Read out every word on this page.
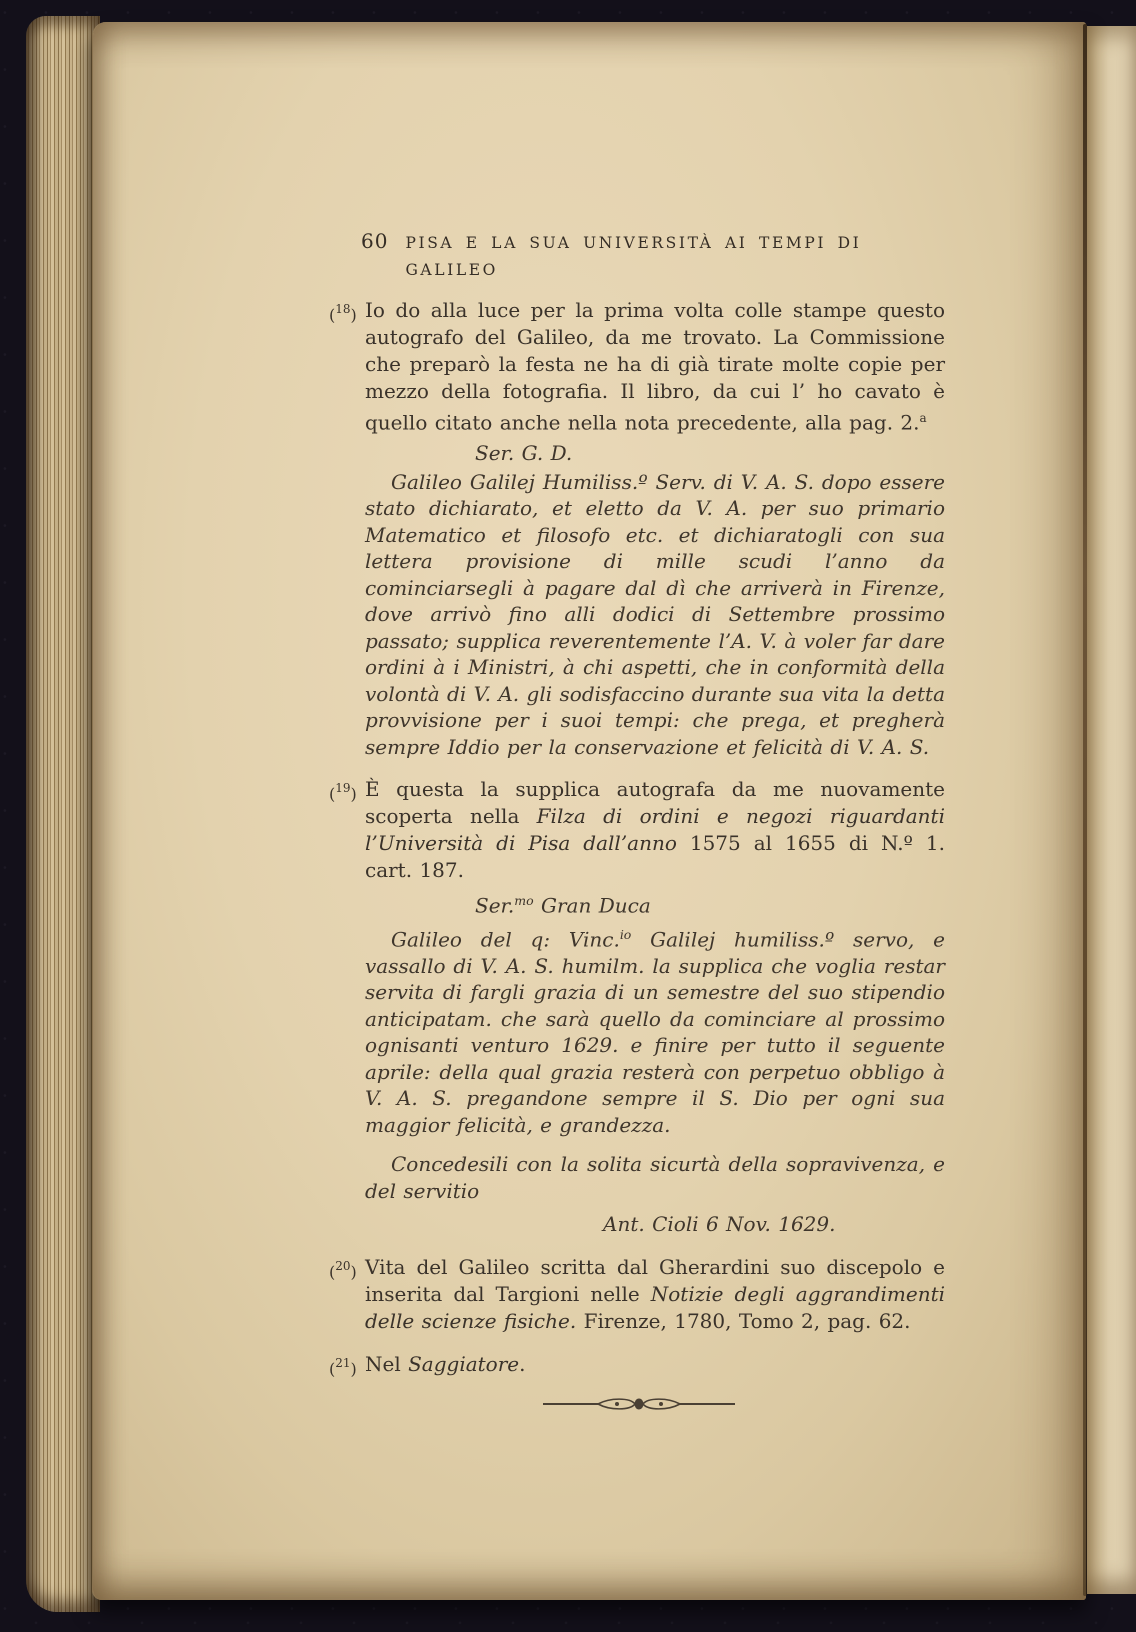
60 PISA E LA SUA UNIVERSITÀ AI TEMPI DI GALILEO

($^{18}$) Io do alla luce per la prima volta colle stampe questo autografo del Galileo, da me trovato. La Commissione che preparò la festa ne ha di già tirate molte copie per mezzo della fotografia. Il libro, da cui l’ ho cavato è quello citato anche nella nota precedente, alla pag. 2.$^a$

Ser. G. D.

Galileo Galilej Humiliss.º Serv. di V. A. S. dopo essere stato dichiarato, et eletto da V. A. per suo primario Matematico et filosofo etc. et dichiaratogli con sua lettera provisione di mille scudi l’anno da cominciarsegli à pagare dal dì che arriverà in Firenze, dove arrivò fino alli dodici di Settembre prossimo passato; supplica reverentemente l’A. V. à voler far dare ordini à i Ministri, à chi aspetti, che in conformità della volontà di V. A. gli sodisfaccino durante sua vita la detta provvisione per i suoi tempi: che prega, et pregherà sempre Iddio per la conservazione et felicità di V. A. S.

($^{19}$) È questa la supplica autografa da me nuovamente scoperta nella Filza di ordini e negozi riguardanti l’Università di Pisa dall’anno 1575 al 1655 di N.º 1. cart. 187.

Ser.$^{mo}$ Gran Duca

Galileo del q: Vinc.$^{io}$ Galilej humiliss.º servo, e vassallo di V. A. S. humilm. la supplica che voglia restar servita di fargli grazia di un semestre del suo stipendio anticipatam. che sarà quello da cominciare al prossimo ognisanti venturo 1629. e finire per tutto il seguente aprile: della qual grazia resterà con perpetuo obbligo à V. A. S. pregandone sempre il S. Dio per ogni sua maggior felicità, e grandezza.

Concedesili con la solita sicurtà della sopravivenza, e del servitio

Ant. Cioli 6 Nov. 1629.

($^{20}$) Vita del Galileo scritta dal Gherardini suo discepolo e inserita dal Targioni nelle Notizie degli aggrandimenti delle scienze fisiche. Firenze, 1780, Tomo 2, pag. 62.

($^{21}$) Nel Saggiatore.
